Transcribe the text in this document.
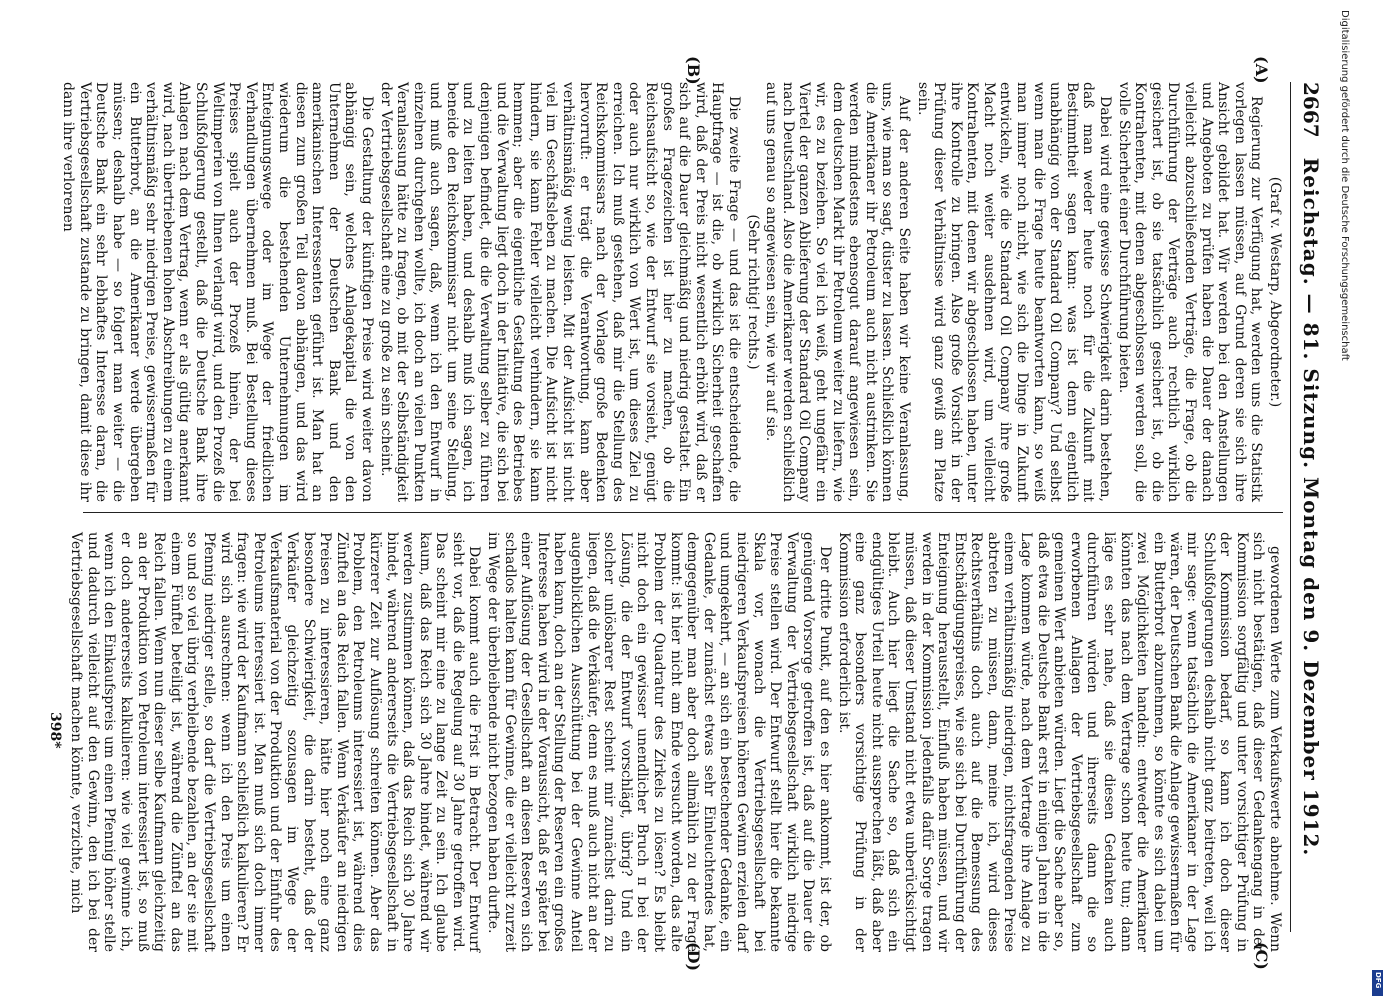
Reichstag. — 81. Sitzung. Montag den 9. Dezember 1912.
2667
(A)
(B)
(C)
(D)

(Graf v. Westarp, Abgeordneter.)

Regierung zur Verfügung hat, werden uns die Statistik vorlegen lassen müssen, auf Grund deren sie sich ihre Ansicht gebildet hat. Wir werden bei den Anstellungen und Angeboten zu prüfen haben die Dauer der danach vielleicht abzuschließenden Verträge, die Frage, ob die Durchführung der Verträge auch rechtlich wirklich gesichert ist, ob sie tatsächlich gesichert ist, ob die Kontrahenten, mit denen abgeschlossen werden soll, die volle Sicherheit einer Durchführung bieten.

Dabei wird eine gewisse Schwierigkeit darin bestehen, daß man weder heute noch für die Zukunft mit Bestimmtheit sagen kann: was ist denn eigentlich unabhängig von der Standard Oil Company? Und selbst wenn man die Frage heute beantworten kann, so weiß man immer noch nicht, wie sich die Dinge in Zukunft entwickeln, wie die Standard Oil Company ihre große Macht noch weiter ausdehnen wird, um vielleicht Kontrahenten, mit denen wir abgeschlossen haben, unter ihre Kontrolle zu bringen. Also große Vorsicht in der Prüfung dieser Verhältnisse wird ganz gewiß am Platze sein.

Auf der anderen Seite haben wir keine Veranlassung, uns, wie man so sagt, düster zu lassen. Schließlich können die Amerikaner ihr Petroleum auch nicht austrinken. Sie werden mindestens ebensogut darauf angewiesen sein, dem deutschen Markt ihr Petroleum weiter zu liefern, wie wir, es zu beziehen. So viel ich weiß, geht ungefähr ein Viertel der ganzen Ablieferung der Standard Oil Company nach Deutschland. Also die Amerikaner werden schließlich auf uns genau so angewiesen sein, wie wir auf sie.

(Sehr richtig! rechts.)

Die zweite Frage — und das ist die entscheidende, die Hauptfrage — ist die, ob wirklich Sicherheit geschaffen wird, daß der Preis nicht wesentlich erhöht wird, daß er sich auf die Dauer gleichmäßig und niedrig gestaltet. Ein großes Fragezeichen ist hier zu machen, ob die Reichsaufsicht so, wie der Entwurf sie vorsieht, genügt oder auch nur wirklich von Wert ist, um dieses Ziel zu erreichen. Ich muß gestehen, daß mir die Stellung des Reichskommissars nach der Vorlage große Bedenken hervorruft: er trägt die Verantwortung, kann aber verhältnismäßig wenig leisten. Mit der Aufsicht ist nicht viel im Geschäftsleben zu machen. Die Aufsicht ist nicht hindern, sie kann Fehler vielleicht verhindern, sie kann hemmen; aber die eigentliche Gestaltung des Betriebes und die Verwaltung liegt doch in der Initiative, die sich bei denjenigen befindet, die die Verwaltung selber zu führen und zu leiten haben, und deshalb muß ich sagen, ich beneide den Reichskommissar nicht um seine Stellung, und muß auch sagen, daß, wenn ich den Entwurf in einzelnen durchgehen wollte, ich doch an vielen Punkten Veranlassung hätte zu fragen, ob mit der Selbständigkeit der Vertriebsgesellschaft eine zu große zu sein scheint.

Die Gestaltung der künftigen Preise wird weiter davon abhängig sein, welches Anlagekapital die von den Unternehmen der Deutschen Bank und den amerikanischen Interessenten geführt ist. Man hat an diesen zum großen Teil davon abhängen, und das wird wiederum die bestehenden Unternehmungen im Enteignungswege oder im Wege der friedlichen Verhandlungen übernehmen muß. Bei Bestellung dieses Preises spielt auch der Prozeß hinein, der bei Weltimperien von Ihnen verlangt wird, und den Prozeß die Schlußfolgerung gestellt, daß die Deutsche Bank ihre Anlagen nach dem Vertrag, wenn er als gültig anerkannt wird, nach übertriebenen hohen Abschreibungen zu einem verhältnismäßig sehr niedrigen Preise, gewissermaßen für ein Butterbrot, an die Amerikaner werde übergeben müssen; deshalb habe — so folgert man weiter — die Deutsche Bank ein sehr lebhaftes Interesse daran, die Vertriebsgesellschaft zustande zu bringen, damit diese ihr dann ihre verlorenen

gewordenen Werte zum Verkaufswerte abnehme. Wenn sich nicht bestätigen, daß dieser Gedankengang in der Kommission sorgfältig und unter vorsichtiger Prüfung in der Kommission bedarf, so kann ich doch dieser Schlußfolgerungen deshalb nicht ganz beitreten, weil ich mir sage: wenn tatsächlich die Amerikaner in der Lage wären, der Deutschen Bank die Anlage gewissermaßen für ein Butterbrot abzunehmen, so könnte es sich dabei um zwei Möglichkeiten handeln: entweder die Amerikaner könnten das nach dem Vertrage schon heute tun; dann läge es sehr nahe, daß sie diesen Gedanken auch durchführen würden und ihrerseits dann die so erworbenen Anlagen der Vertriebsgesellschaft zum gemeinen Wert anbieten würden. Liegt die Sache aber so, daß etwa die Deutsche Bank erst in einigen Jahren in die Lage kommen würde, nach dem Vertrage ihre Anlage zu einem verhältnismäßig niedrigen, nichtsfragenden Preise abtreten zu müssen, dann, meine ich, wird dieses Rechtsverhältnis doch auch auf die Bemessung des Entschädigungspreises, wie sie sich bei Durchführung der Enteignung herausstellt, Einfluß haben müssen, und wir werden in der Kommission jedenfalls dafür Sorge tragen müssen, daß dieser Umstand nicht etwa unberücksichtigt bleibt. Auch hier liegt die Sache so, daß sich ein endgültiges Urteil heute nicht aussprechen läßt, daß aber eine ganz besonders vorsichtige Prüfung in der Kommission erforderlich ist.

Der dritte Punkt, auf den es hier ankommt, ist der, ob genügend Vorsorge getroffen ist, daß auf die Dauer die Verwaltung der Vertriebsgesellschaft wirklich niedrige Preise stellen wird. Der Entwurf stellt hier die bekannte Skala vor, wonach die Vertriebsgesellschaft bei niedrigeren Verkaufspreisen höheren Gewinn erzielen darf und umgekehrt, — an sich ein bestechender Gedanke, ein Gedanke, der zunächst etwas sehr Einleuchtendes hat, demgegenüber man aber doch allmählich zu der Frage kommt: ist hier nicht am Ende versucht worden, das alte Problem der Quadratur des Zirkels zu lösen? Es bleibt nicht doch ein gewisser unendlicher Bruch π bei der Lösung, die der Entwurf vorschlägt, übrig? Und ein solcher unlösbarer Rest scheint mir zunächst darin zu liegen, daß die Verkäufer, denn es muß auch nicht an der augenblicklichen Ausschüttung bei der Gewinne Anteil haben kann, doch an der Stellung der Reserven ein großes Interesse haben wird in der Voraussicht, daß er später bei einer Auflösung der Gesellschaft an diesen Reserven sich schadlos halten kann für Gewinne, die er vielleicht zurzeit im Wege der überbleibende nicht bezogen haben durfte.

Dabei kommt auch die Frist in Betracht. Der Entwurf sieht vor, daß die Regelung auf 30 Jahre getroffen wird. Das scheint mir eine zu lange Zeit zu sein. Ich glaube kaum, daß das Reich sich 30 Jahre bindet, während wir werden zustimmen können, daß das Reich sich 30 Jahre bindet, während andererseits die Vertriebsgesellschaft in kürzerer Zeit zur Auflösung schreiten können. Aber das Problem, den Petroleums interessiert ist, während dies Zünftel an das Reich fallen. Wenn Verkäufer an niedrigen Preisen zu interessieren, hätte hier noch eine ganz besondere Schwierigkeit, die darin besteht, daß der Verkäufer gleichzeitig sozusagen im Wege der Verkaufsmaterial von der Produktion und der Einfuhr des Petroleums interessiert ist. Man muß sich doch immer fragen: wie wird der Kaufmann schließlich kalkulieren? Er wird sich ausrechnen: wenn ich den Preis um einen Pfennig niedriger stelle, so darf die Vertriebsgesellschaft so und so viel übrig verbleibende bezahlen, an der sie mit einem Fünftel beteiligt ist, während die Zünftel an das Reich fallen. Wenn nun dieser selbe Kaufmann gleichzeitig an der Produktion von Petroleum interessiert ist, so muß er doch andererseits kalkulieren: wie viel gewinne ich, wenn ich den Einkaufspreis um einen Pfennig höher stelle und dadurch vielleicht auf den Gewinn, den ich bei der Vertriebsgesellschaft machen könnte, verzichte, mich

398*
Digitalisierung gefördert durch die Deutsche Forschungsgemeinschaft
DFG
